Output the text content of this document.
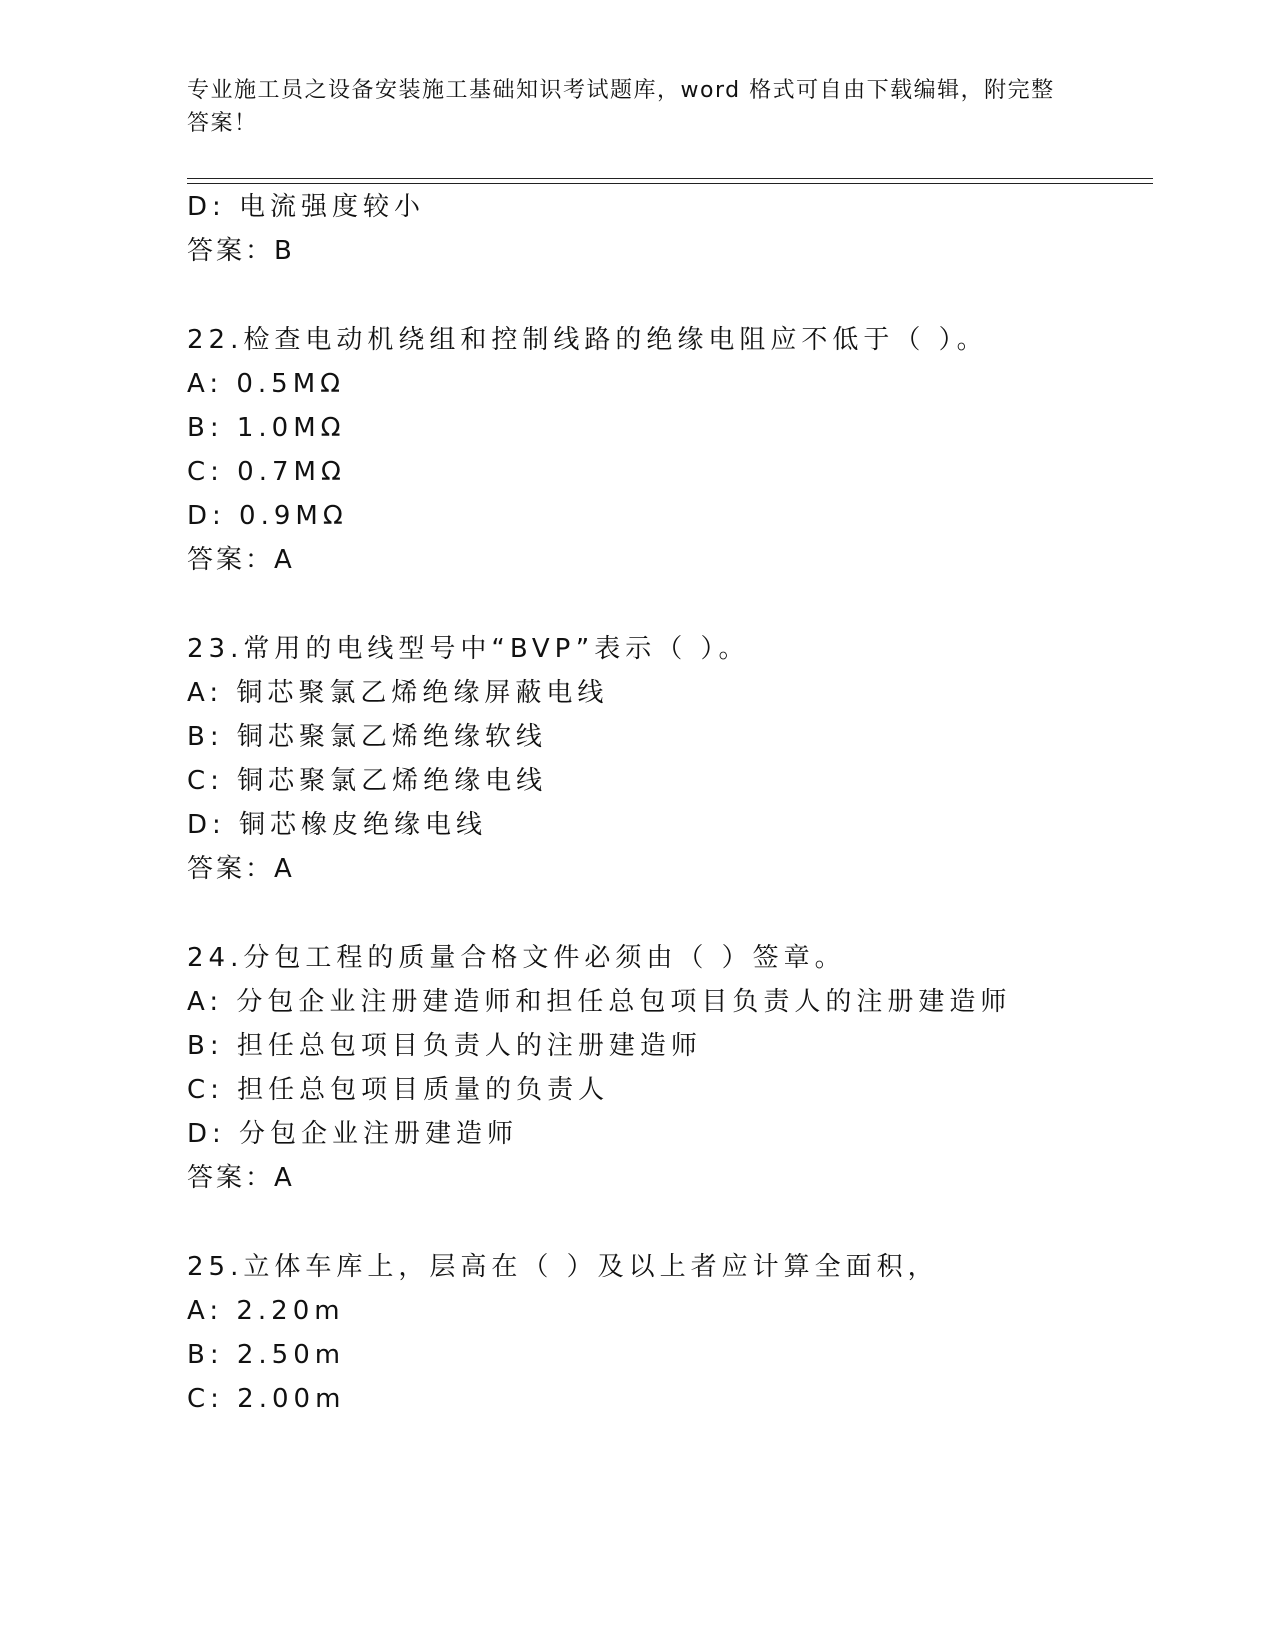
专业施工员之设备安装施工基础知识考试题库，word 格式可自由下载编辑，附完整答案！
D: 电流强度较小
答案：B
22.检查电动机绕组和控制线路的绝缘电阻应不低于（ ）。
A: 0.5MΩ
B: 1.0MΩ
C: 0.7MΩ
D: 0.9MΩ
答案：A
23.常用的电线型号中“BVP”表示（ ）。
A: 铜芯聚氯乙烯绝缘屏蔽电线
B: 铜芯聚氯乙烯绝缘软线
C: 铜芯聚氯乙烯绝缘电线
D: 铜芯橡皮绝缘电线
答案：A
24.分包工程的质量合格文件必须由（ ）签章。
A: 分包企业注册建造师和担任总包项目负责人的注册建造师
B: 担任总包项目负责人的注册建造师
C: 担任总包项目质量的负责人
D: 分包企业注册建造师
答案：A
25.立体车库上，层高在（ ）及以上者应计算全面积，
A: 2.20m
B: 2.50m
C: 2.00m
